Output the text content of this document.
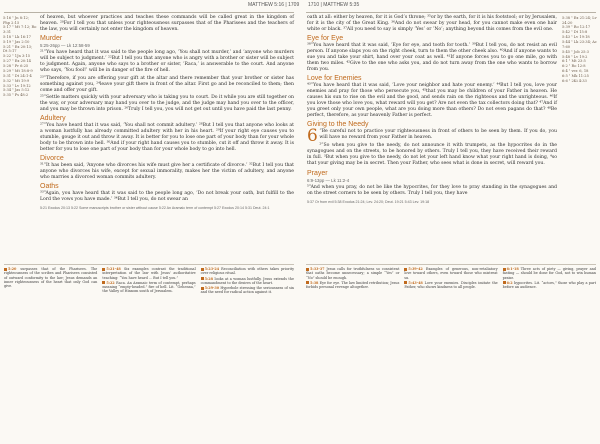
MATTHEW 5:16 | 1709
5:16 ¹ Jn 8:12; Php 2:15
5:17 ¹ Mt 7:12; Ro 3:31
5:18 ¹ Lk 16:17
5:19 ¹ Jas 2:10
5:21 ¹ Ex 20:13; Dt 5:17
5:22 ¹ 1Jn 3:15
5:27 ¹ Ex 20:14
5:28 ¹ Pr 6:25
5:29 ¹ Mt 18:8-9
5:31 ¹ Dt 24:1-4
5:32 ¹ Mt 19:9
5:33 ¹ Lv 19:12
5:34 ¹ Jas 5:12
5:35 ¹ Ps 48:2

of heaven, but whoever practices and teaches these commands will be called great in the kingdom of heaven. ²⁰For I tell you that unless your righteousness surpasses that of the Pharisees and the teachers of the law, you will certainly not enter the kingdom of heaven.

Murder
5:25-26pp — Lk 12:58-59

²¹“You have heard that it was said to the people long ago, ‘You shall not murder,’ and ‘anyone who murders will be subject to judgment.’ ²²But I tell you that anyone who is angry with a brother or sister will be subject to judgment. Again, anyone who says to a brother or sister, ‘Raca,’ is answerable to the court. And anyone who says, ‘You fool!’ will be in danger of the fire of hell.

²³“Therefore, if you are offering your gift at the altar and there remember that your brother or sister has something against you, ²⁴leave your gift there in front of the altar. First go and be reconciled to them; then come and offer your gift.

²⁵“Settle matters quickly with your adversary who is taking you to court. Do it while you are still together on the way, or your adversary may hand you over to the judge, and the judge may hand you over to the officer, and you may be thrown into prison. ²⁶Truly I tell you, you will not get out until you have paid the last penny.

Adultery

²⁷“You have heard that it was said, ‘You shall not commit adultery.’ ²⁸But I tell you that anyone who looks at a woman lustfully has already committed adultery with her in his heart. ²⁹If your right eye causes you to stumble, gouge it out and throw it away. It is better for you to lose one part of your body than for your whole body to be thrown into hell. ³⁰And if your right hand causes you to stumble, cut it off and throw it away. It is better for you to lose one part of your body than for your whole body to go into hell.

Divorce

³¹“It has been said, ‘Anyone who divorces his wife must give her a certificate of divorce.’ ³²But I tell you that anyone who divorces his wife, except for sexual immorality, makes her the victim of adultery, and anyone who marries a divorced woman commits adultery.

Oaths

³³“Again, you have heard that it was said to the people long ago, ‘Do not break your oath, but fulfill to the Lord the vows you have made.’ ³⁴But I tell you, do not swear an

5:21 Exodus 20:13 5:22 Some manuscripts brother or sister without cause 5:22 An Aramaic term of contempt 5:27 Exodus 20:14 5:31 Deut. 24:1

5:20 surpasses that of the Pharisees. The righteousness of the scribes and Pharisees consisted of outward conformity to the law; Jesus demands an inner righteousness of the heart that only God can give.

5:21-48 Six examples contrast the traditional interpretation of the law with Jesus’ authoritative teaching: “You have heard ... But I tell you.”

5:22 Raca. An Aramaic term of contempt, perhaps meaning “empty-headed.” fire of hell. Lit. “Gehenna,” the Valley of Hinnom south of Jerusalem.

5:23-24 Reconciliation with others takes priority over religious ritual.

5:28 looks at a woman lustfully. Jesus extends the commandment to the desires of the heart.

5:29-30 Hyperbole stressing the seriousness of sin and the need for radical action against it.

1710 | MATTHEW 5:35

oath at all: either by heaven, for it is God’s throne; ³⁵or by the earth, for it is his footstool; or by Jerusalem, for it is the city of the Great King. ³⁶And do not swear by your head, for you cannot make even one hair white or black. ³⁷All you need to say is simply ‘Yes’ or ‘No’; anything beyond this comes from the evil one.

Eye for Eye

³⁸“You have heard that it was said, ‘Eye for eye, and tooth for tooth.’ ³⁹But I tell you, do not resist an evil person. If anyone slaps you on the right cheek, turn to them the other cheek also. ⁴⁰And if anyone wants to sue you and take your shirt, hand over your coat as well. ⁴¹If anyone forces you to go one mile, go with them two miles. ⁴²Give to the one who asks you, and do not turn away from the one who wants to borrow from you.

Love for Enemies

⁴³“You have heard that it was said, ‘Love your neighbor and hate your enemy.’ ⁴⁴But I tell you, love your enemies and pray for those who persecute you, ⁴⁵that you may be children of your Father in heaven. He causes his sun to rise on the evil and the good, and sends rain on the righteous and the unrighteous. ⁴⁶If you love those who love you, what reward will you get? Are not even the tax collectors doing that? ⁴⁷And if you greet only your own people, what are you doing more than others? Do not even pagans do that? ⁴⁸Be perfect, therefore, as your heavenly Father is perfect.

Giving to the Needy
6 “Be careful not to practice your righteousness in front of others to be seen by them. If you do, you will have no reward from your Father in heaven.

²“So when you give to the needy, do not announce it with trumpets, as the hypocrites do in the synagogues and on the streets, to be honored by others. Truly I tell you, they have received their reward in full. ³But when you give to the needy, do not let your left hand know what your right hand is doing, ⁴so that your giving may be in secret. Then your Father, who sees what is done in secret, will reward you.

Prayer
6:9-13pp — Lk 11:2-4

⁵“And when you pray, do not be like the hypocrites, for they love to pray standing in the synagogues and on the street corners to be seen by others. Truly I tell you, they have

5:37 Or from evil 5:38 Exodus 21:24; Lev. 24:20; Deut. 19:21 5:43 Lev. 19:18
5:38 ¹ Ex 21:24; Lv 24:20
5:39 ¹ Ro 12:17
5:42 ¹ Dt 15:8
5:43 ¹ Lv 19:18
5:44 ¹ Lk 23:34; Ac 7:60
5:45 ¹ Job 25:3
5:48 ¹ Lv 19:2
6:1 ¹ Mt 23:5
6:2 ¹ Ro 12:8
6:4 ¹ ver. 6, 18
6:5 ¹ Mk 11:25
6:6 ¹ 2Ki 4:33

5:33-37 Jesus calls for truthfulness so consistent that oaths become unnecessary; a simple “Yes” or “No” should be enough.

5:38 Eye for eye. The law limited retribution; Jesus forbids personal revenge altogether.

5:39-42 Examples of generous, non-retaliatory love toward others, even toward those who mistreat us.

5:43-48 Love your enemies. Disciples imitate the Father, who shows kindness to all people.

6:1-18 Three acts of piety — giving, prayer and fasting — should be done for God, not to win human praise.

6:2 hypocrites. Lit. “actors,” those who play a part before an audience.
